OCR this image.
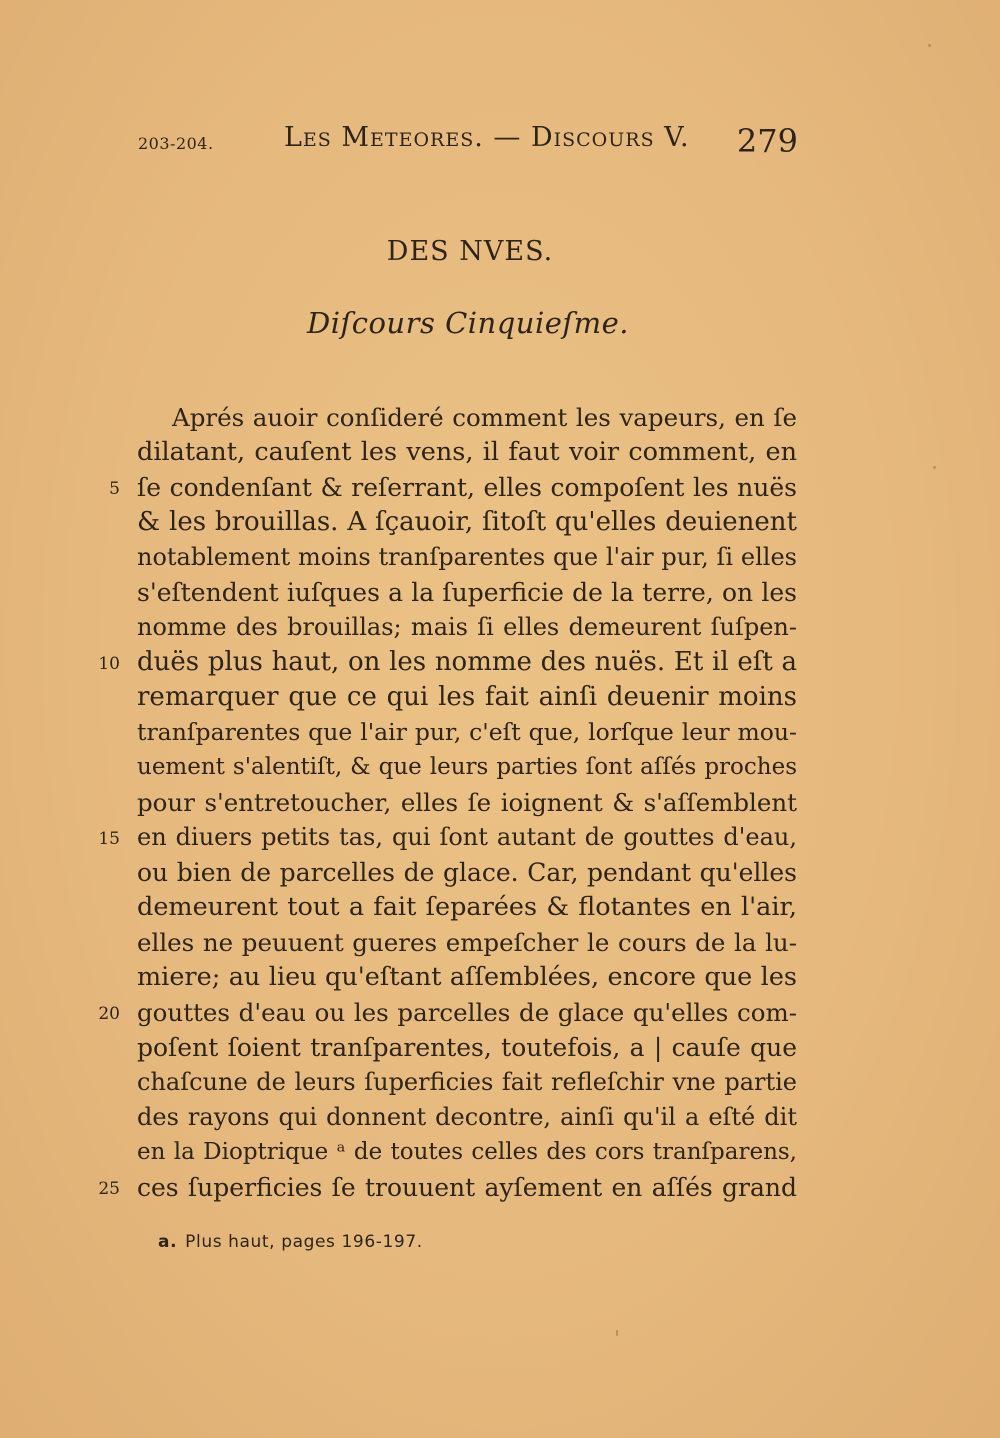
203-204.	Les Meteores. — Discours V. 279
DES NVES.
Diſcours Cinquieſme.
Aprés auoir conſideré comment les vapeurs, en ſe
dilatant, cauſent les vens, il faut voir comment, en
5 ſe condenſant & reſerrant, elles compoſent les nuës
& les brouillas. A ſçauoir, ſitoſt qu'elles deuienent
notablement moins tranſparentes que l'air pur, ſi elles
s'eſtendent iuſques a la ſuperficie de la terre, on les
nomme des brouillas; mais ſi elles demeurent ſuſpen-
10 duës plus haut, on les nomme des nuës. Et il eſt a
remarquer que ce qui les fait ainſi deuenir moins
tranſparentes que l'air pur, c'eſt que, lorſque leur mou-
uement s'alentiſt, & que leurs parties ſont aſſés proches
pour s'entretoucher, elles ſe ioignent & s'aſſemblent
15 en diuers petits tas, qui ſont autant de gouttes d'eau,
ou bien de parcelles de glace. Car, pendant qu'elles
demeurent tout a fait ſeparées & flotantes en l'air,
elles ne peuuent gueres empeſcher le cours de la lu-
miere; au lieu qu'eſtant aſſemblées, encore que les
20 gouttes d'eau ou les parcelles de glace qu'elles com-
poſent ſoient tranſparentes, toutefois, a | cauſe que
chaſcune de leurs ſuperficies fait refleſchir vne partie
des rayons qui donnent decontre, ainſi qu'il a eſté dit
en la Dioptrique ᵃ de toutes celles des cors tranſparens,
25 ces ſuperficies ſe trouuent ayſement en aſſés grand
a. Plus haut, pages 196-197.
